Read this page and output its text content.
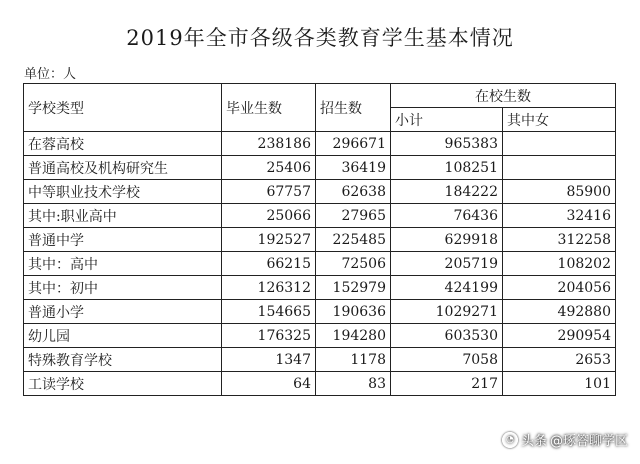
2019年全市各级各类教育学生基本情况
单位：人
学校类型	毕业生数	招生数	在校生数	
			小计	其中女
在蓉高校	238186	296671	965383	
普通高校及机构研究生	25406	36419	108251	
中等职业技术学校	67757	62638	184222	85900
其中:职业高中	25066	27965	76436	32416
普通中学	192527	225485	629918	312258
其中：高中	66215	72506	205719	108202
其中：初中	126312	152979	424199	204056
普通小学	154665	190636	1029271	492880
幼儿园	176325	194280	603530	290954
特殊教育学校	1347	1178	7058	2653
工读学校	64	83	217	101
◔ 头条 @琢答聊学区
